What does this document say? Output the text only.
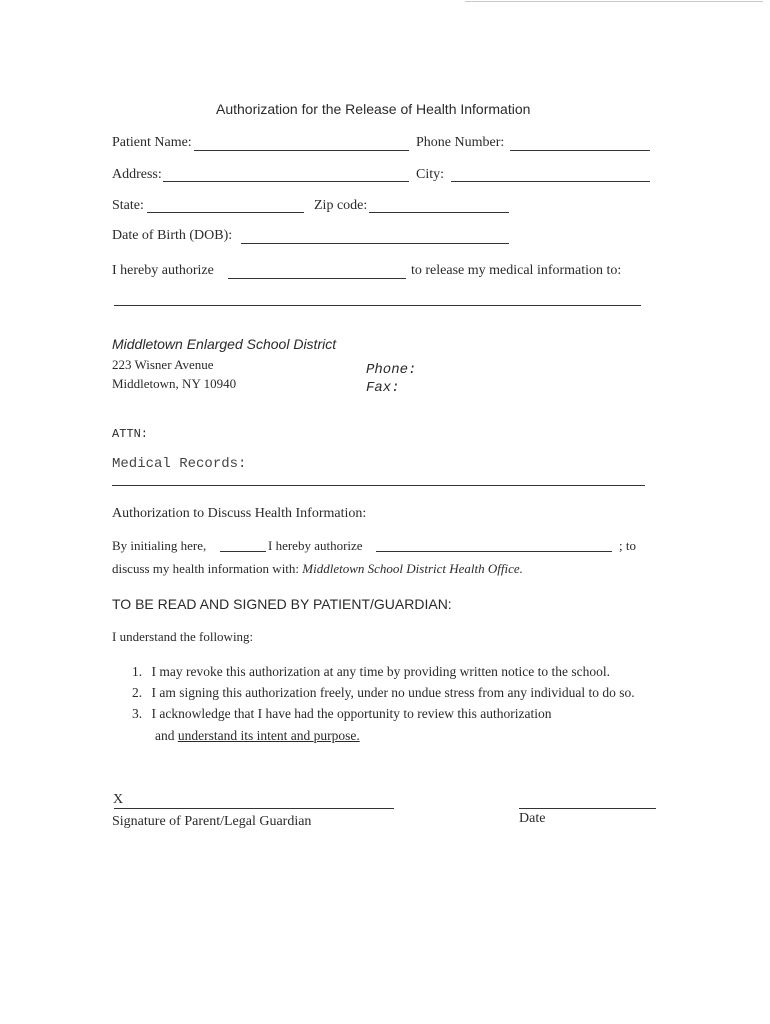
Authorization for the Release of Health Information
Patient Name:	Phone Number:
Address:	City:
State:	Zip code:
Date of Birth (DOB):
I hereby authorize	to release my medical information to:
Middletown Enlarged School District
223 Wisner Avenue
Middletown, NY 10940
Phone:
Fax:
ATTN:
Medical Records:
Authorization to Discuss Health Information:
By initialing here,	I hereby authorize	; to
discuss my health information with: Middletown School District Health Office.
TO BE READ AND SIGNED BY PATIENT/GUARDIAN:
I understand the following:
1. I may revoke this authorization at any time by providing written notice to the school.
2. I am signing this authorization freely, under no undue stress from any individual to do so.
3. I acknowledge that I have had the opportunity to review this authorization
and understand its intent and purpose.
X
Signature of Parent/Legal Guardian	Date
